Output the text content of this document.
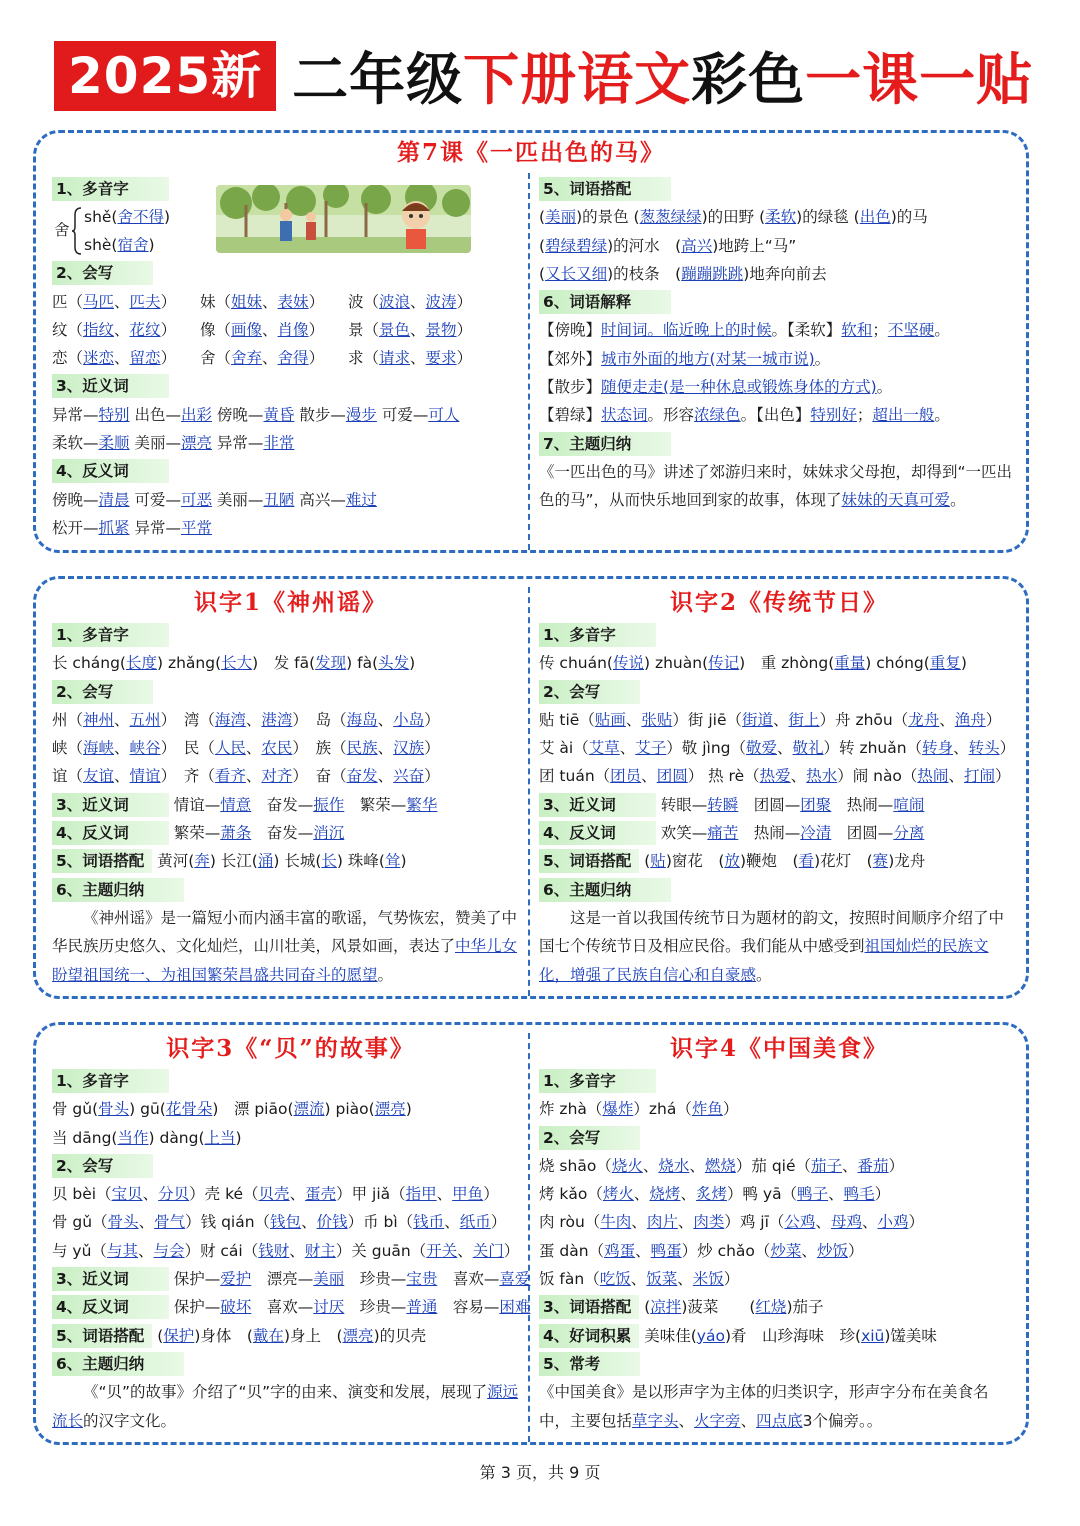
2025新 二年级下册语文彩色一课一贴
第7课《一匹出色的马》
1、多音字
舍
shě(舍不得)
shè(宿舍)
2、会写
匹（马匹、匹夫） 妹（姐妹、表妹） 波（波浪、波涛）
纹（指纹、花纹） 像（画像、肖像） 景（景色、景物）
恋（迷恋、留恋） 舍（舍弃、舍得） 求（请求、要求）
3、近义词
异常—特别 出色—出彩 傍晚—黄昏 散步—漫步 可爱—可人
柔软—柔顺 美丽—漂亮 异常—非常
4、反义词
傍晚—清晨 可爱—可恶 美丽—丑陋 高兴—难过
松开—抓紧 异常—平常
5、词语搭配
(美丽)的景色 (葱葱绿绿)的田野 (柔软)的绿毯 (出色)的马
(碧绿碧绿)的河水　(高兴)地跨上“马”
(又长又细)的枝条　(蹦蹦跳跳)地奔向前去
6、词语解释
【傍晚】时间词。临近晚上的时候。【柔软】软和；不坚硬。
【郊外】城市外面的地方(对某一城市说)。
【散步】随便走走(是一种休息或锻炼身体的方式)。
【碧绿】状态词。形容浓绿色。【出色】特别好；超出一般。
7、主题归纳
《一匹出色的马》讲述了郊游归来时，妹妹求父母抱，却得到“一匹出色的马”，从而快乐地回到家的故事，体现了妹妹的天真可爱。
识字1《神州谣》
1、多音字
长 cháng(长度) zhǎng(长大)　发 fā(发现) fà(头发)
2、会写
州（神州、五州）　湾（海湾、港湾）　岛（海岛、小岛）
峡（海峡、峡谷）　民（人民、农民）　族（民族、汉族）
谊（友谊、情谊）　齐（看齐、对齐）　奋（奋发、兴奋）
3、近义词	情谊—情意　奋发—振作　繁荣—繁华
4、反义词	繁荣—萧条　奋发—消沉
5、词语搭配 黄河(奔) 长江(涌) 长城(长) 珠峰(耸)
6、主题归纳
《神州谣》是一篇短小而内涵丰富的歌谣，气势恢宏，赞美了中华民族历史悠久、文化灿烂，山川壮美，风景如画，表达了中华儿女盼望祖国统一、为祖国繁荣昌盛共同奋斗的愿望。
识字2《传统节日》
1、多音字
传 chuán(传说) zhuàn(传记)　重 zhòng(重量) chóng(重复)
2、会写
贴 tiē（贴画、张贴）街 jiē（街道、街上）舟 zhōu（龙舟、渔舟）
艾 ài（艾草、艾子）敬 jìng（敬爱、敬礼）转 zhuǎn（转身、转头）
团 tuán（团员、团圆） 热 rè（热爱、热水）闹 nào（热闹、打闹）
3、近义词	转眼—转瞬　团圆—团聚　热闹—喧闹
4、反义词	欢笑—痛苦　热闹—冷清　团圆—分离
5、词语搭配 (贴)窗花　(放)鞭炮　(看)花灯　(赛)龙舟
6、主题归纳
这是一首以我国传统节日为题材的韵文，按照时间顺序介绍了中国七个传统节日及相应民俗。我们能从中感受到祖国灿烂的民族文化，增强了民族自信心和自豪感。
识字3《“贝”的故事》
1、多音字
骨 gǔ(骨头) gū(花骨朵)　漂 piāo(漂流) piào(漂亮)
当 dāng(当作) dàng(上当)
2、会写
贝 bèi（宝贝、分贝）壳 ké（贝壳、蛋壳）甲 jiǎ（指甲、甲鱼）
骨 gǔ（骨头、骨气）钱 qián（钱包、价钱）币 bì（钱币、纸币）
与 yǔ（与其、与会）财 cái（钱财、财主）关 guān（开关、关门）
3、近义词	保护—爱护　漂亮—美丽　珍贵—宝贵　喜欢—喜爱
4、反义词	保护—破坏　喜欢—讨厌　珍贵—普通　容易—困难
5、词语搭配 (保护)身体　(戴在)身上　(漂亮)的贝壳
6、主题归纳
《“贝”的故事》介绍了“贝”字的由来、演变和发展，展现了源远流长的汉字文化。
识字4《中国美食》
1、多音字
炸 zhà（爆炸）zhá（炸鱼）
2、会写
烧 shāo（烧火、烧水、燃烧）茄 qié（茄子、番茄）
烤 kǎo（烤火、烧烤、炙烤）鸭 yā（鸭子、鸭毛）
肉 ròu（牛肉、肉片、肉类）鸡 jī（公鸡、母鸡、小鸡）
蛋 dàn（鸡蛋、鸭蛋）炒 chǎo（炒菜、炒饭）
饭 fàn（吃饭、饭菜、米饭）
3、词语搭配 (凉拌)菠菜　　(红烧)茄子
4、好词积累 美味佳(yáo)肴　山珍海味　珍(xiū)馐美味
5、常考
《中国美食》是以形声字为主体的归类识字，形声字分布在美食名中，主要包括草字头、火字旁、四点底3个偏旁。。
第 3 页，共 9 页
